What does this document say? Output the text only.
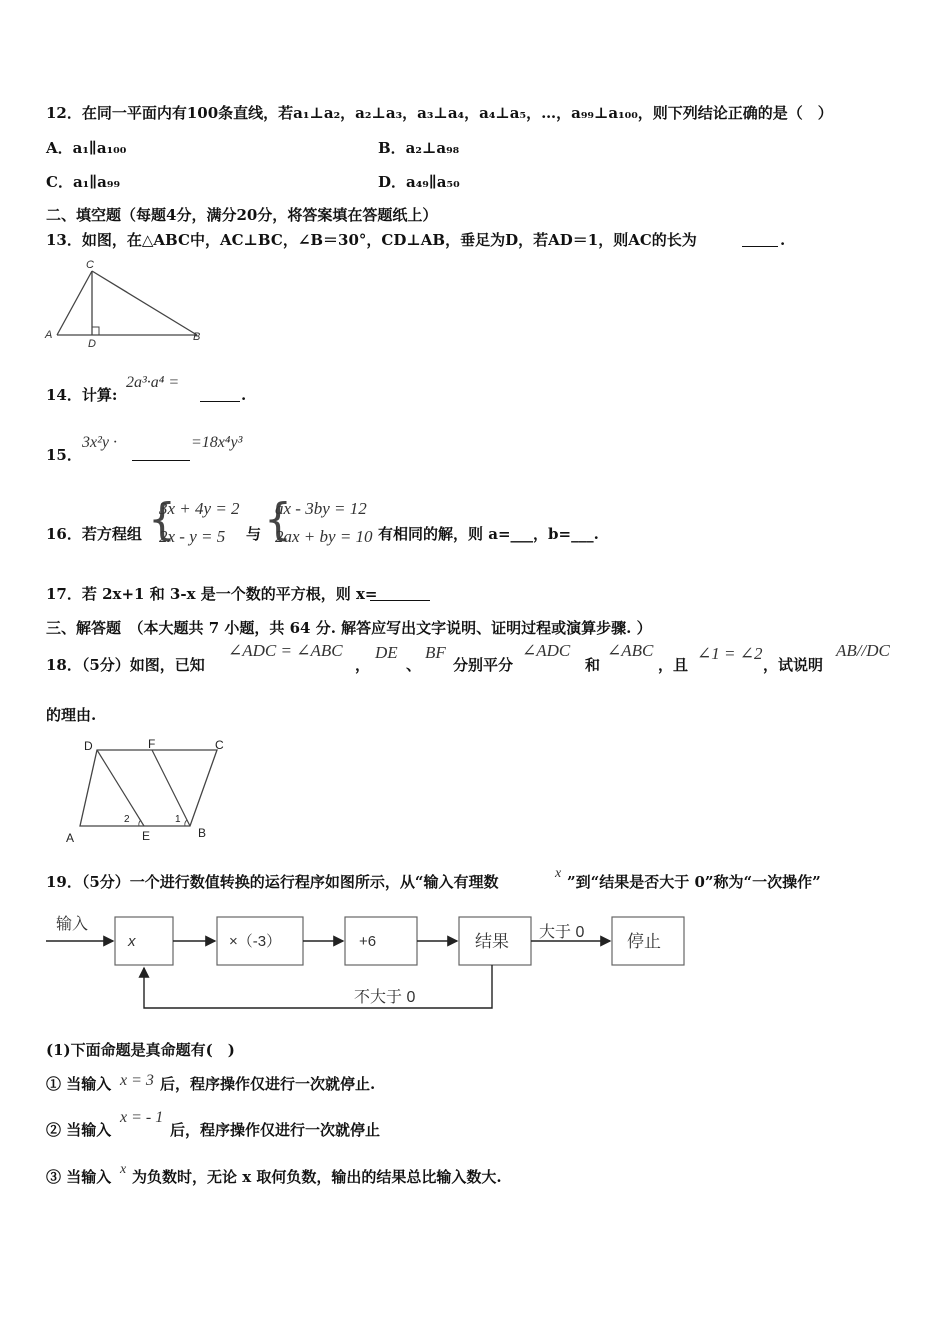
12．在同一平面内有100条直线，若a₁⊥a₂，a₂⊥a₃，a₃⊥a₄，a₄⊥a₅，…，a₉₉⊥a₁₀₀，则下列结论正确的是（　）
A．a₁∥a₁₀₀	B．a₂⊥a₉₈
C．a₁∥a₉₉	D．a₄₉∥a₅₀
二、填空题（每题4分，满分20分，将答案填在答题纸上）
13．如图，在△ABC中，AC⊥BC，∠B＝30°，CD⊥AB，垂足为D，若AD＝1，则AC的长为	.
C
A
D
B
14．计算:
2a³·a⁴ =
.
15．
3x²y ·	=18x⁴y³
16．若方程组 {
3x + 4y = 2
2x - y = 5 与 {
ax - 3by = 12
2ax + by = 10 有相同的解，则 a=___，b=___.
17．若 2x+1 和 3-x 是一个数的平方根，则 x=
三、解答题　（本大题共 7 小题，共 64 分. 解答应写出文字说明、证明过程或演算步骤. ）
18．（5分）如图，已知
∠ADC = ∠ABC
，
DE
、
BF
分别平分
∠ADC
和
∠ABC
，且
∠1 = ∠2
，试说明
AB//DC
的理由.
D	F	C
A	E	B
2	1
19．（5分）一个进行数值转换的运行程序如图所示，从“输入有理数	x ”到“结果是否大于 0”称为“一次操作”
输入
x	×（-3）	+6	结果 大于 0	停止
不大于 0
(1)下面命题是真命题有(　)
① 当输入 x = 3 后，程序操作仅进行一次就停止.
② 当输入
x = - 1
后，程序操作仅进行一次就停止
③ 当输入 x 为负数时，无论 x 取何负数，输出的结果总比输入数大.
